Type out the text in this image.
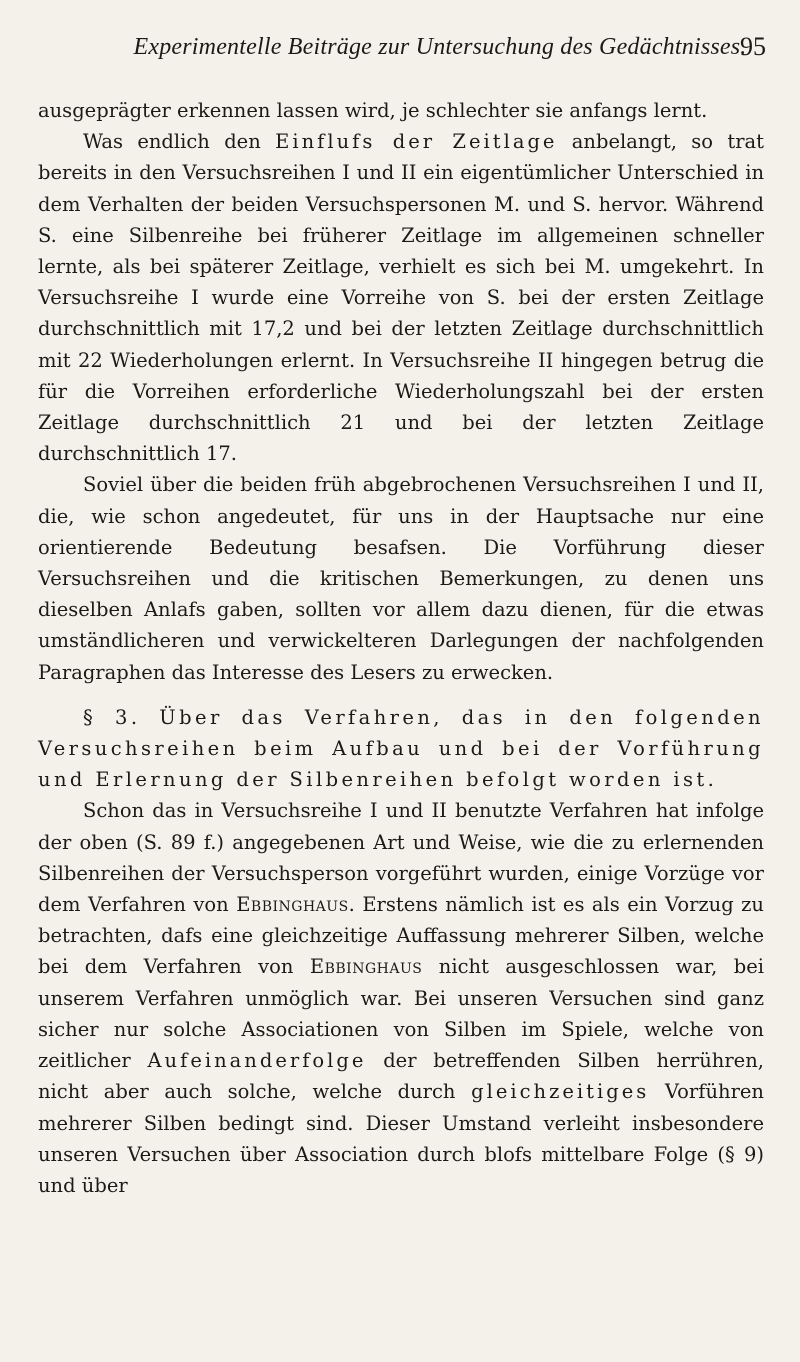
Experimentelle Beiträge zur Untersuchung des Gedächtnisses.
95

ausgeprägter erkennen lassen wird, je schlechter sie anfangs lernt.

Was endlich den Einflufs der Zeitlage anbelangt, so trat bereits in den Versuchsreihen I und II ein eigentümlicher Unterschied in dem Verhalten der beiden Versuchspersonen M. und S. hervor. Während S. eine Silbenreihe bei früherer Zeitlage im allgemeinen schneller lernte, als bei späterer Zeitlage, verhielt es sich bei M. umgekehrt. In Versuchsreihe I wurde eine Vorreihe von S. bei der ersten Zeitlage durchschnittlich mit 17,2 und bei der letzten Zeitlage durchschnittlich mit 22 Wiederholungen erlernt. In Versuchsreihe II hingegen betrug die für die Vorreihen erforderliche Wiederholungszahl bei der ersten Zeitlage durchschnittlich 21 und bei der letzten Zeitlage durchschnittlich 17.

Soviel über die beiden früh abgebrochenen Versuchsreihen I und II, die, wie schon angedeutet, für uns in der Hauptsache nur eine orientierende Bedeutung besafsen. Die Vorführung dieser Versuchsreihen und die kritischen Bemerkungen, zu denen uns dieselben Anlafs gaben, sollten vor allem dazu dienen, für die etwas umständlicheren und verwickelteren Darlegungen der nachfolgenden Paragraphen das Interesse des Lesers zu erwecken.

§ 3. Über das Verfahren, das in den folgenden Versuchsreihen beim Aufbau und bei der Vorführung und Erlernung der Silbenreihen befolgt worden ist.

Schon das in Versuchsreihe I und II benutzte Verfahren hat infolge der oben (S. 89 f.) angegebenen Art und Weise, wie die zu erlernenden Silbenreihen der Versuchsperson vorgeführt wurden, einige Vorzüge vor dem Verfahren von Ebbinghaus. Erstens nämlich ist es als ein Vorzug zu betrachten, dafs eine gleichzeitige Auffassung mehrerer Silben, welche bei dem Verfahren von Ebbinghaus nicht ausgeschlossen war, bei unserem Verfahren unmöglich war. Bei unseren Versuchen sind ganz sicher nur solche Associationen von Silben im Spiele, welche von zeitlicher Aufeinanderfolge der betreffenden Silben herrühren, nicht aber auch solche, welche durch gleichzeitiges Vorführen mehrerer Silben bedingt sind. Dieser Umstand verleiht insbesondere unseren Versuchen über Association durch blofs mittelbare Folge (§ 9) und über
